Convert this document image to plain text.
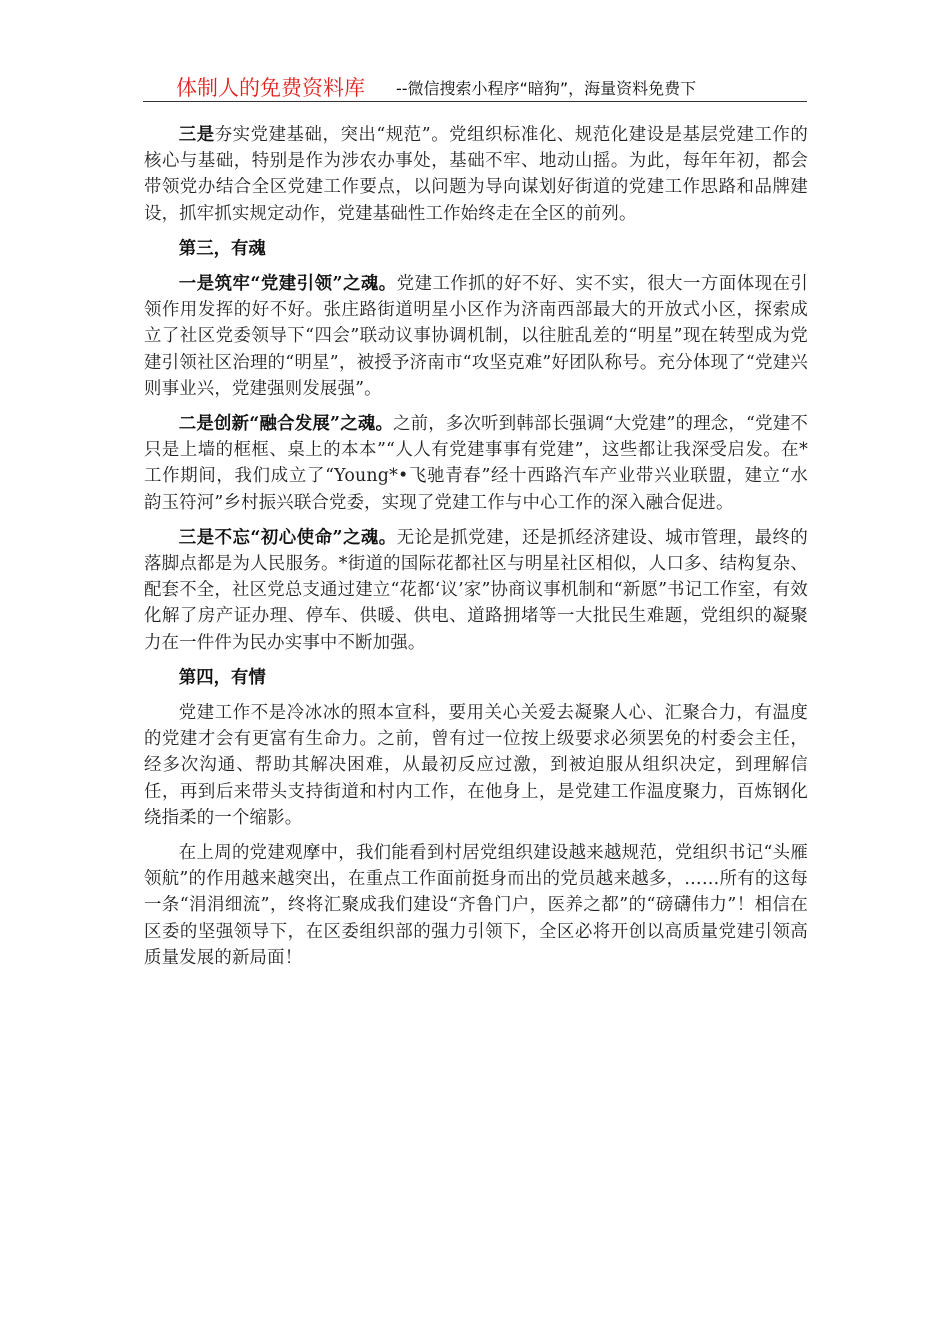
体制人的免费资料库 --微信搜索小程序“暗狗”，海量资料免费下

三是夯实党建基础，突出“规范”。党组织标准化、规范化建设是基层党建工作的核心与基础，特别是作为涉农办事处，基础不牢、地动山摇。为此，每年年初，都会带领党办结合全区党建工作要点，以问题为导向谋划好街道的党建工作思路和品牌建设，抓牢抓实规定动作，党建基础性工作始终走在全区的前列。

第三，有魂

一是筑牢“党建引领”之魂。党建工作抓的好不好、实不实，很大一方面体现在引领作用发挥的好不好。张庄路街道明星小区作为济南西部最大的开放式小区，探索成立了社区党委领导下“四会”联动议事协调机制，以往脏乱差的“明星”现在转型成为党建引领社区治理的“明星”，被授予济南市“攻坚克难”好团队称号。充分体现了“党建兴则事业兴，党建强则发展强”。

二是创新“融合发展”之魂。之前，多次听到韩部长强调“大党建”的理念，“党建不只是上墙的框框、桌上的本本”“人人有党建事事有党建”，这些都让我深受启发。在*工作期间，我们成立了“Young*•飞驰青春”经十西路汽车产业带兴业联盟，建立“水韵玉符河”乡村振兴联合党委，实现了党建工作与中心工作的深入融合促进。

三是不忘“初心使命”之魂。无论是抓党建，还是抓经济建设、城市管理，最终的落脚点都是为人民服务。*街道的国际花都社区与明星社区相似，人口多、结构复杂、配套不全，社区党总支通过建立“花都‘议’家”协商议事机制和“新愿”书记工作室，有效化解了房产证办理、停车、供暖、供电、道路拥堵等一大批民生难题，党组织的凝聚力在一件件为民办实事中不断加强。

第四，有情

党建工作不是冷冰冰的照本宣科，要用关心关爱去凝聚人心、汇聚合力，有温度的党建才会有更富有生命力。之前，曾有过一位按上级要求必须罢免的村委会主任，经多次沟通、帮助其解决困难，从最初反应过激，到被迫服从组织决定，到理解信任，再到后来带头支持街道和村内工作，在他身上，是党建工作温度聚力，百炼钢化绕指柔的一个缩影。

在上周的党建观摩中，我们能看到村居党组织建设越来越规范，党组织书记“头雁领航”的作用越来越突出，在重点工作面前挺身而出的党员越来越多，……所有的这每一条“涓涓细流”，终将汇聚成我们建设“齐鲁门户，医养之都”的“磅礴伟力”！相信在区委的坚强领导下，在区委组织部的强力引领下，全区必将开创以高质量党建引领高质量发展的新局面！
